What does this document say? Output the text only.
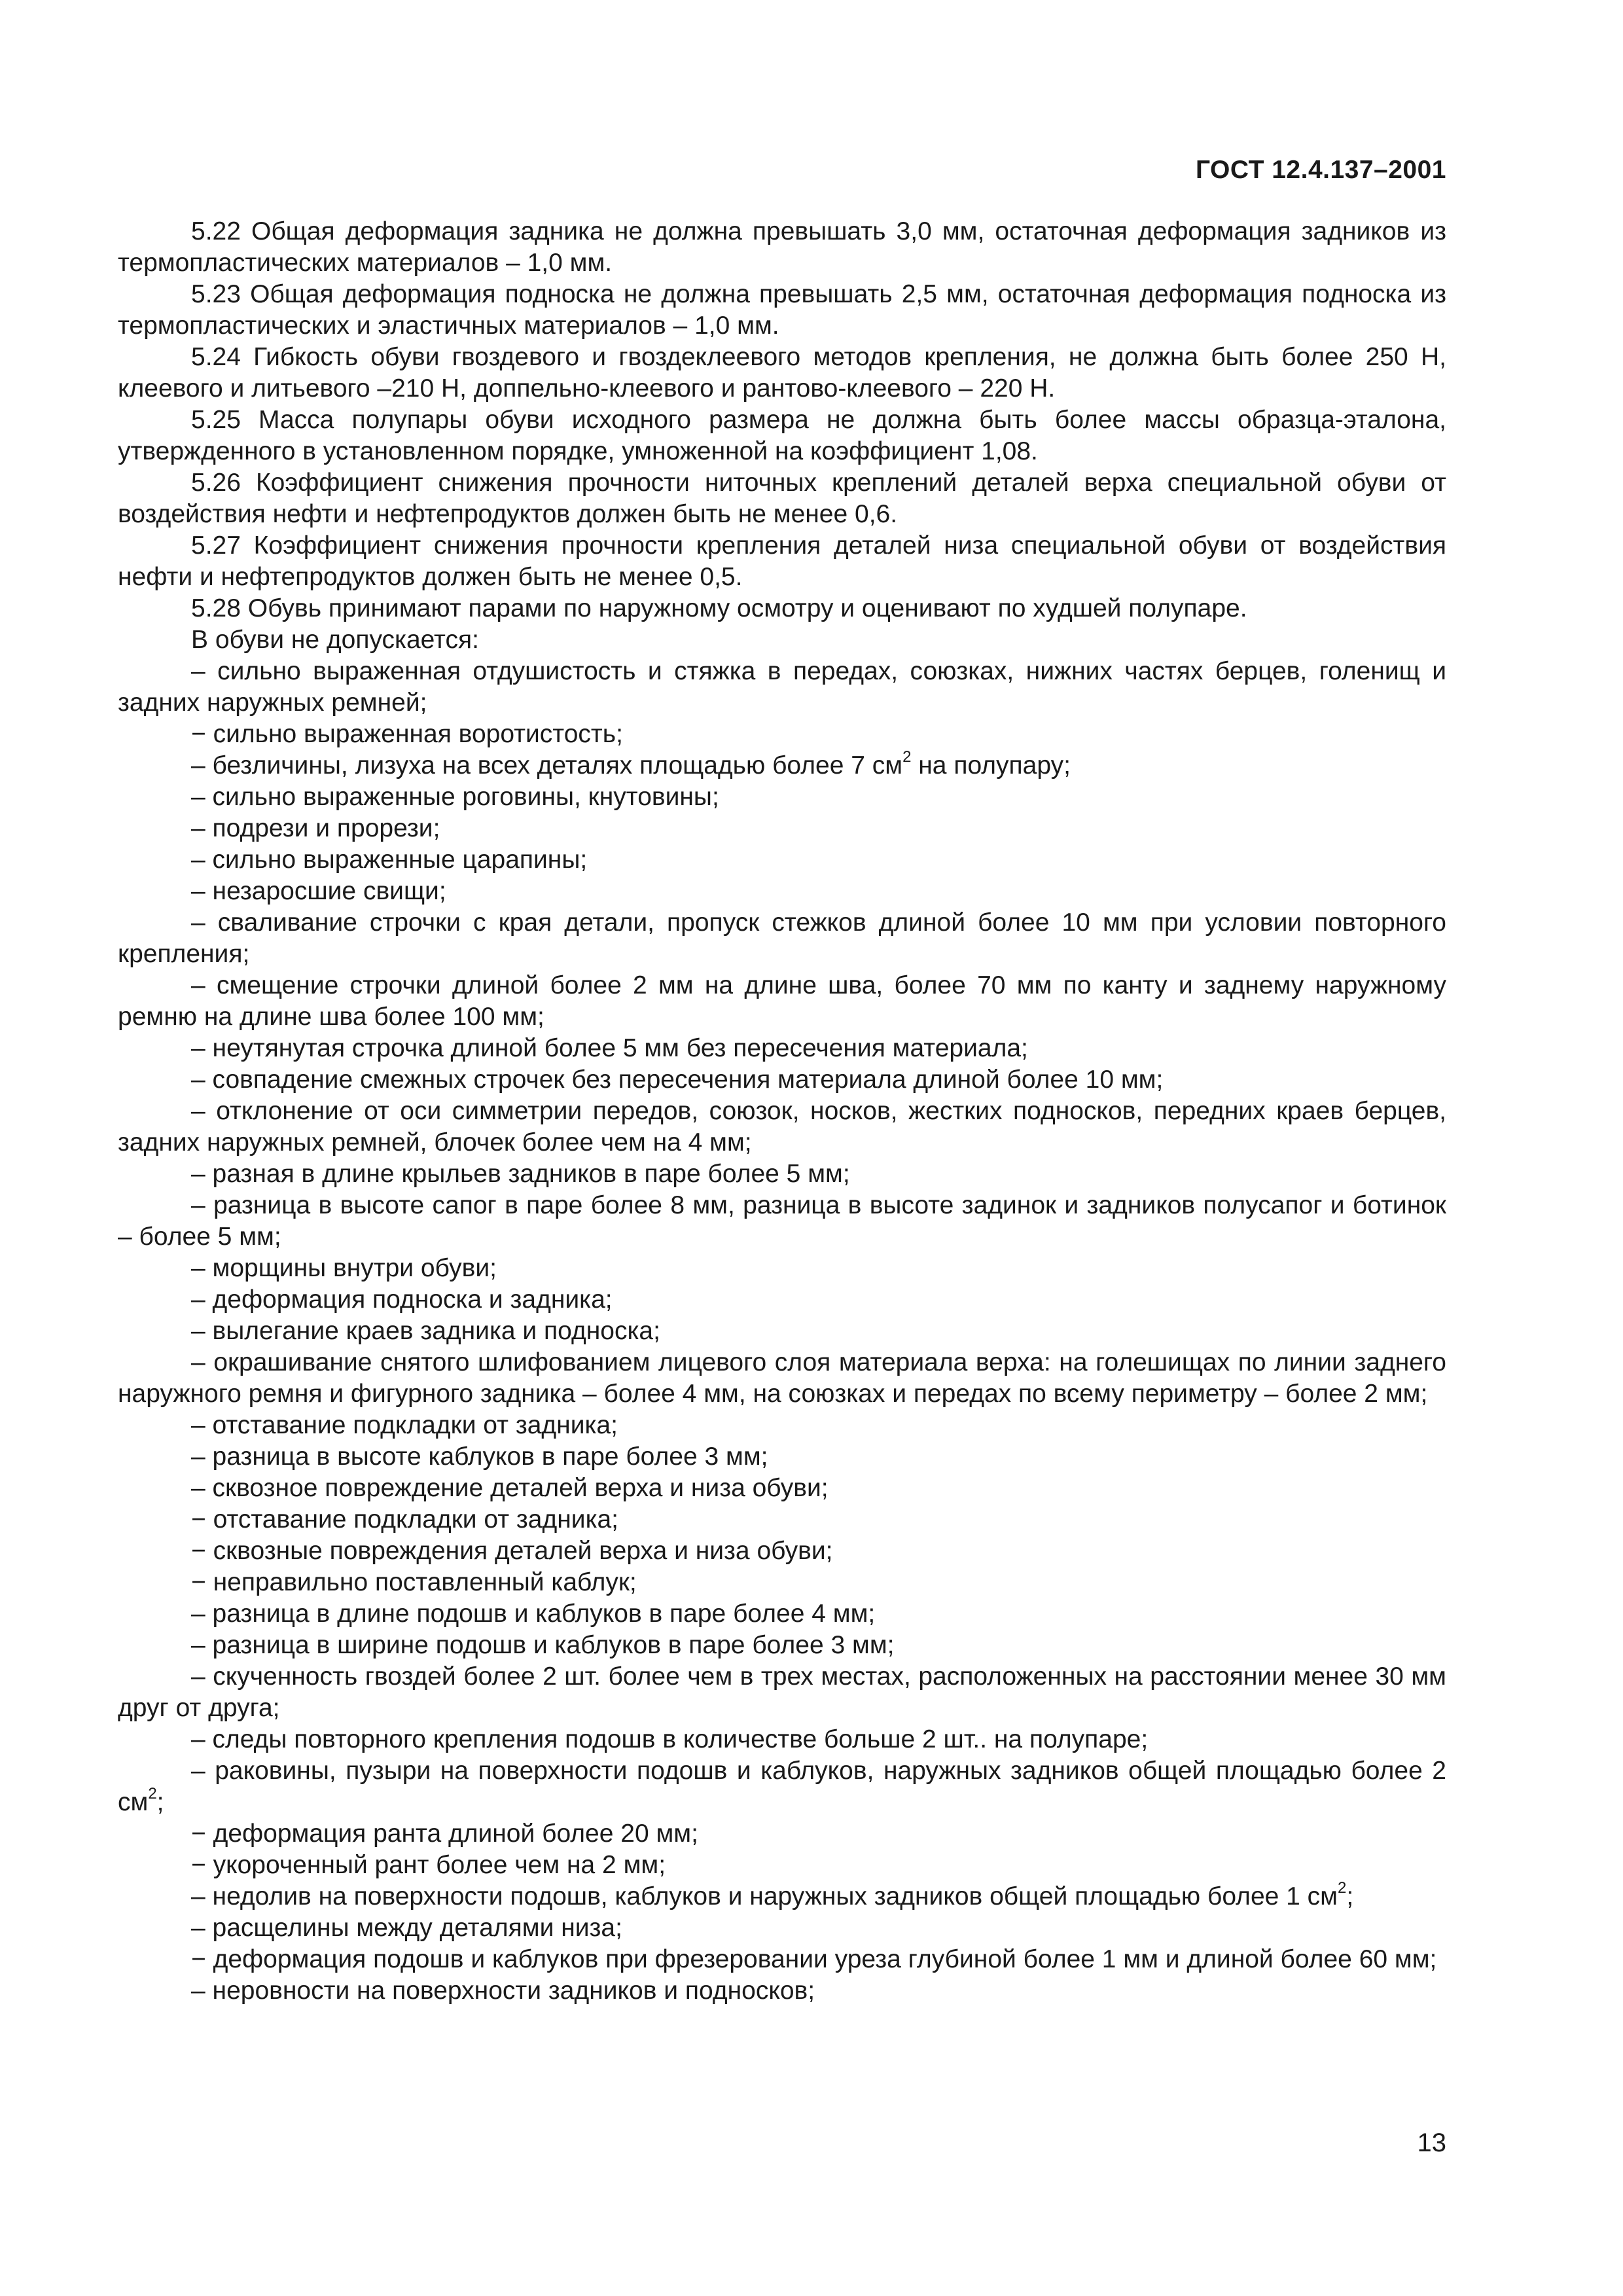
ГОСТ 12.4.137–2001

5.22 Общая деформация задника не должна превышать 3,0 мм, остаточная деформация задников из термопластических материалов – 1,0 мм.

5.23 Общая деформация подноска не должна превышать 2,5 мм, остаточная деформация подноска из термопластических и эластичных материалов – 1,0 мм.

5.24 Гибкость обуви гвоздевого и гвоздеклеевого методов крепления, не должна быть более 250 Н, клеевого и литьевого –210 Н, доппельно-клеевого и рантово-клеевого – 220 Н.

5.25 Масса полупары обуви исходного размера не должна быть более массы образца-эталона, утвержденного в установленном порядке, умноженной на коэффициент 1,08.

5.26 Коэффициент снижения прочности ниточных креплений деталей верха специальной обуви от воздействия нефти и нефтепродуктов должен быть не менее 0,6.

5.27 Коэффициент снижения прочности крепления деталей низа специальной обуви от воздействия нефти и нефтепродуктов должен быть не менее 0,5.

5.28 Обувь принимают парами по наружному осмотру и оценивают по худшей полупаре.

В обуви не допускается:

– сильно выраженная отдушистость и стяжка в передах, союзках, нижних частях берцев, голенищ и задних наружных ремней;

− сильно выраженная воротистость;

– безличины, лизуха на всех деталях площадью более 7 $см^2$ на полупару;

– сильно выраженные роговины, кнутовины;

– подрези и прорези;

– сильно выраженные царапины;

– незаросшие свищи;

– сваливание строчки с края детали, пропуск стежков длиной более 10 мм при условии повторного крепления;

– смещение строчки длиной более 2 мм на длине шва, более 70 мм по канту и заднему наружному ремню на длине шва более 100 мм;

– неутянутая строчка длиной более 5 мм без пересечения материала;

– совпадение смежных строчек без пересечения материала длиной более 10 мм;

– отклонение от оси симметрии передов, союзок, носков, жестких подносков, передних краев берцев, задних наружных ремней, блочек более чем на 4 мм;

– разная в длине крыльев задников в паре более 5 мм;

– разница в высоте сапог в паре более 8 мм, разница в высоте задинок и задников полусапог и ботинок – более 5 мм;

– морщины внутри обуви;

– деформация подноска и задника;

– вылегание краев задника и подноска;

– окрашивание снятого шлифованием лицевого слоя материала верха: на голешищах по линии заднего наружного ремня и фигурного задника – более 4 мм, на союзках и передах по всему периметру – более 2 мм;

– отставание подкладки от задника;

– разница в высоте каблуков в паре более 3 мм;

– сквозное повреждение деталей верха и низа обуви;

− отставание подкладки от задника;

− сквозные повреждения деталей верха и низа обуви;

− неправильно поставленный каблук;

– разница в длине подошв и каблуков в паре более 4 мм;

– разница в ширине подошв и каблуков в паре более 3 мм;

– скученность гвоздей более 2 шт. более чем в трех местах, расположенных на расстоянии менее 30 мм друг от друга;

– следы повторного крепления подошв в количестве больше 2 шт.. на полупаре;

– раковины, пузыри на поверхности подошв и каблуков, наружных задников общей площадью более 2 $см^2$;

− деформация ранта длиной более 20 мм;

− укороченный рант более чем на 2 мм;

– недолив на поверхности подошв, каблуков и наружных задников общей площадью более 1 $см^2$;

– расщелины между деталями низа;

− деформация подошв и каблуков при фрезеровании уреза глубиной более 1 мм и длиной более 60 мм;

– неровности на поверхности задников и подносков;

13
